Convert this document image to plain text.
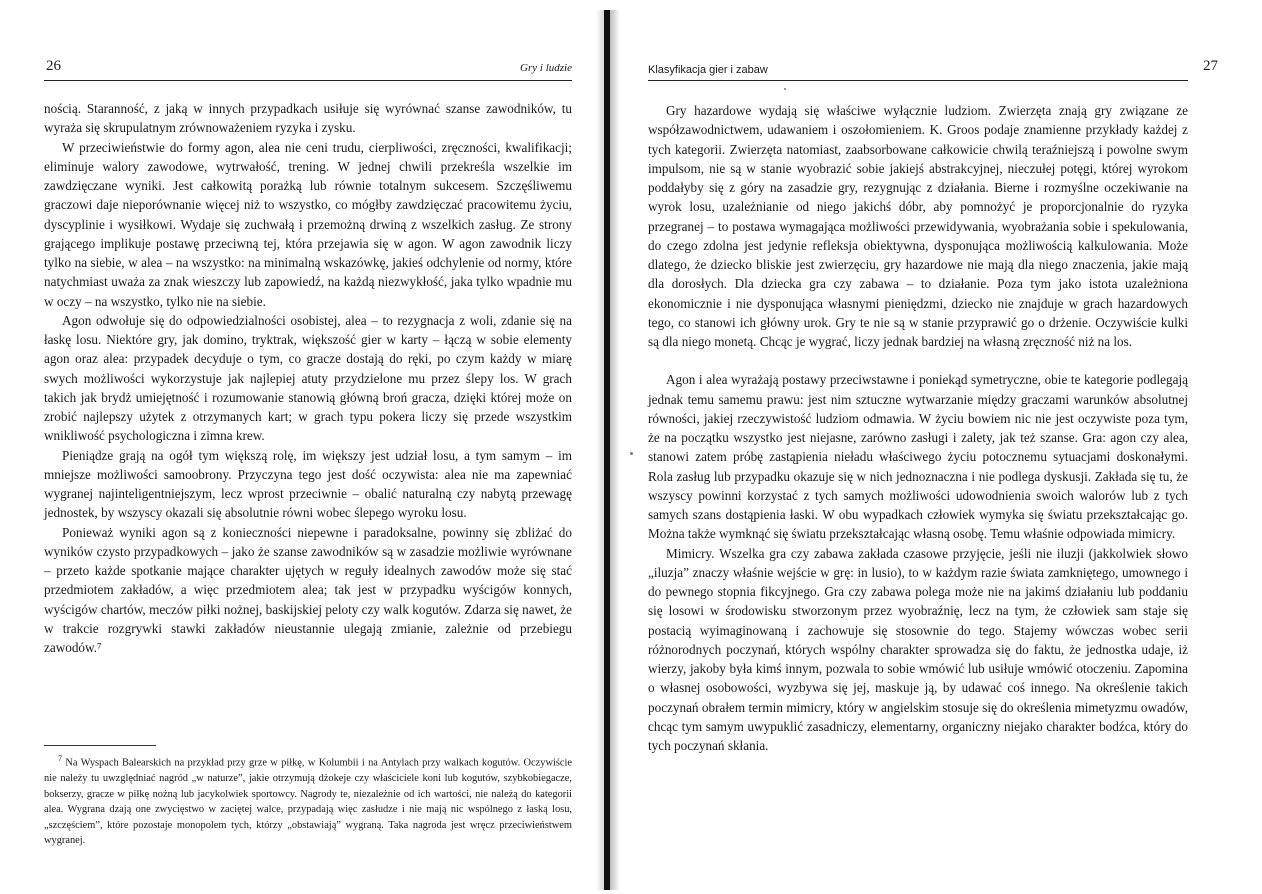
26	Gry i ludzie

nością. Staranność, z jaką w innych przypadkach usiłuje się wyrównać szanse zawodników, tu wyraża się skrupulatnym zrównoważeniem ryzyka i zysku.

W przeciwieństwie do formy agon, alea nie ceni trudu, cierpliwości, zręczności, kwalifikacji; eliminuje walory zawodowe, wytrwałość, trening. W jednej chwili przekreśla wszelkie im zawdzięczane wyniki. Jest całkowitą porażką lub równie totalnym sukcesem. Szczęśliwemu graczowi daje nieporównanie więcej niż to wszystko, co mógłby zawdzięczać pracowitemu życiu, dyscyplinie i wysiłkowi. Wydaje się zuchwałą i przemożną drwiną z wszelkich zasług. Ze strony grającego implikuje postawę przeciwną tej, która przejawia się w agon. W agon zawodnik liczy tylko na siebie, w alea – na wszystko: na minimalną wskazówkę, jakieś odchylenie od normy, które natychmiast uważa za znak wieszczy lub zapowiedź, na każdą niezwykłość, jaka tylko wpadnie mu w oczy – na wszystko, tylko nie na siebie.

Agon odwołuje się do odpowiedzialności osobistej, alea – to rezygnacja z woli, zdanie się na łaskę losu. Niektóre gry, jak domino, tryktrak, większość gier w karty – łączą w sobie elementy agon oraz alea: przypadek decyduje o tym, co gracze dostają do ręki, po czym każdy w miarę swych możliwości wykorzystuje jak najlepiej atuty przydzielone mu przez ślepy los. W grach takich jak brydż umiejętność i rozumowanie stanowią główną broń gracza, dzięki której może on zrobić najlepszy użytek z otrzymanych kart; w grach typu pokera liczy się przede wszystkim wnikliwość psychologiczna i zimna krew.

Pieniądze grają na ogół tym większą rolę, im większy jest udział losu, a tym samym – im mniejsze możliwości samoobrony. Przyczyna tego jest dość oczywista: alea nie ma zapewniać wygranej najinteligentniejszym, lecz wprost przeciwnie – obalić naturalną czy nabytą przewagę jednostek, by wszyscy okazali się absolutnie równi wobec ślepego wyroku losu.

Ponieważ wyniki agon są z konieczności niepewne i paradoksalne, powinny się zbliżać do wyników czysto przypadkowych – jako że szanse zawodników są w zasadzie możliwie wyrównane – przeto każde spotkanie mające charakter ujętych w reguły idealnych zawodów może się stać przedmiotem zakładów, a więc przedmiotem alea; tak jest w przypadku wyścigów konnych, wyścigów chartów, meczów piłki nożnej, baskijskiej peloty czy walk kogutów. Zdarza się nawet, że w trakcie rozgrywki stawki zakładów nieustannie ulegają zmianie, zależnie od przebiegu zawodów.⁷

$^7$ Na Wyspach Balearskich na przykład przy grze w piłkę, w Kolumbii i na Antylach przy walkach kogutów. Oczywiście nie należy tu uwzględniać nagród „w naturze”, jakie otrzymują dżokeje czy właściciele koni lub kogutów, szybkobiegacze, bokserzy, gracze w piłkę nożną lub jacykolwiek sportowcy. Nagrody te, niezależnie od ich wartości, nie należą do kategorii alea. Wygrana dzają one zwycięstwo w zaciętej walce, przypadają więc zasłudze i nie mają nic wspólnego z łaską losu, „szczęściem”, które pozostaje monopolem tych, którzy „obstawiają” wygraną. Taka nagroda jest wręcz przeciwieństwem wygranej.
Klasyfikacja gier i zabaw	27

Gry hazardowe wydają się właściwe wyłącznie ludziom. Zwierzęta znają gry związane ze współzawodnictwem, udawaniem i oszołomieniem. K. Groos podaje znamienne przykłady każdej z tych kategorii. Zwierzęta natomiast, zaabsorbowane całkowicie chwilą teraźniejszą i powolne swym impulsom, nie są w stanie wyobrazić sobie jakiejś abstrakcyjnej, nieczułej potęgi, której wyrokom poddałyby się z góry na zasadzie gry, rezygnując z działania. Bierne i rozmyślne oczekiwanie na wyrok losu, uzależnianie od niego jakichś dóbr, aby pomnożyć je proporcjonalnie do ryzyka przegranej – to postawa wymagająca możliwości przewidywania, wyobrażania sobie i spekulowania, do czego zdolna jest jedynie refleksja obiektywna, dysponująca możliwością kalkulowania. Może dlatego, że dziecko bliskie jest zwierzęciu, gry hazardowe nie mają dla niego znaczenia, jakie mają dla dorosłych. Dla dziecka gra czy zabawa – to działanie. Poza tym jako istota uzależniona ekonomicznie i nie dysponująca własnymi pieniędzmi, dziecko nie znajduje w grach hazardowych tego, co stanowi ich główny urok. Gry te nie są w stanie przyprawić go o drżenie. Oczywiście kulki są dla niego monetą. Chcąc je wygrać, liczy jednak bardziej na własną zręczność niż na los.

Agon i alea wyrażają postawy przeciwstawne i poniekąd symetryczne, obie te kategorie podlegają jednak temu samemu prawu: jest nim sztuczne wytwarzanie między graczami warunków absolutnej równości, jakiej rzeczywistość ludziom odmawia. W życiu bowiem nic nie jest oczywiste poza tym, że na początku wszystko jest niejasne, zarówno zasługi i zalety, jak też szanse. Gra: agon czy alea, stanowi zatem próbę zastąpienia nieładu właściwego życiu potocznemu sytuacjami doskonałymi. Rola zasług lub przypadku okazuje się w nich jednoznaczna i nie podlega dyskusji. Zakłada się tu, że wszyscy powinni korzystać z tych samych możliwości udowodnienia swoich walorów lub z tych samych szans dostąpienia łaski. W obu wypadkach człowiek wymyka się światu przekształcając go. Można także wymknąć się światu przekształcając własną osobę. Temu właśnie odpowiada mimicry.

Mimicry. Wszelka gra czy zabawa zakłada czasowe przyjęcie, jeśli nie iluzji (jakkolwiek słowo „iluzja” znaczy właśnie wejście w grę: in lusio), to w każdym razie świata zamkniętego, umownego i do pewnego stopnia fikcyjnego. Gra czy zabawa polega może nie na jakimś działaniu lub poddaniu się losowi w środowisku stworzonym przez wyobraźnię, lecz na tym, że człowiek sam staje się postacią wyimaginowaną i zachowuje się stosownie do tego. Stajemy wówczas wobec serii różnorodnych poczynań, których wspólny charakter sprowadza się do faktu, że jednostka udaje, iż wierzy, jakoby była kimś innym, pozwala to sobie wmówić lub usiłuje wmówić otoczeniu. Zapomina o własnej osobowości, wyzbywa się jej, maskuje ją, by udawać coś innego. Na określenie takich poczynań obrałem termin mimicry, który w angielskim stosuje się do określenia mimetyzmu owadów, chcąc tym samym uwypuklić zasadniczy, elementarny, organiczny niejako charakter bodźca, który do tych poczynań skłania.
